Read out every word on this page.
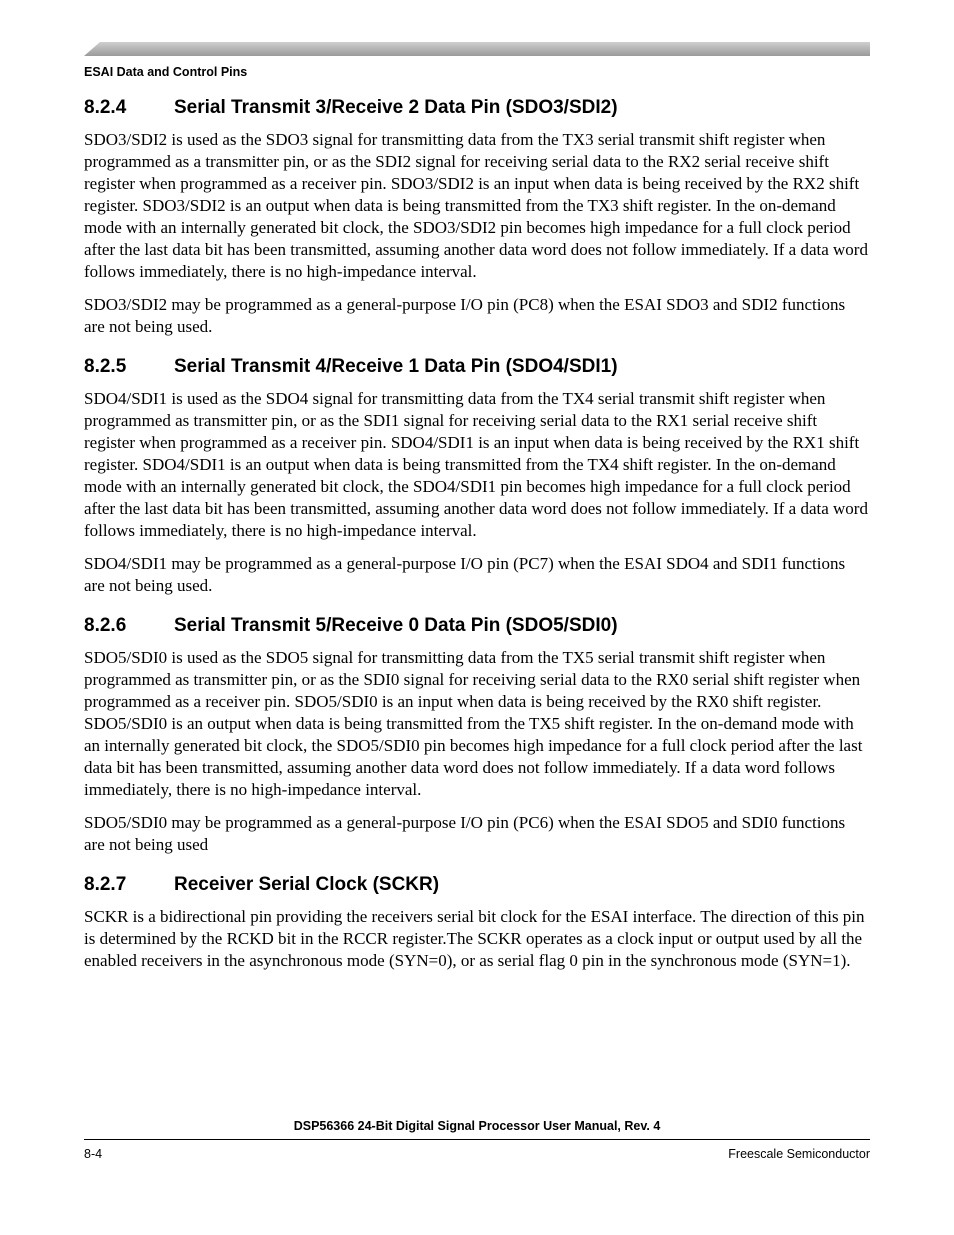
ESAI Data and Control Pins

8.2.4	Serial Transmit 3/Receive 2 Data Pin (SDO3/SDI2)

SDO3/SDI2 is used as the SDO3 signal for transmitting data from the TX3 serial transmit shift register when programmed as a transmitter pin, or as the SDI2 signal for receiving serial data to the RX2 serial receive shift register when programmed as a receiver pin. SDO3/SDI2 is an input when data is being received by the RX2 shift register. SDO3/SDI2 is an output when data is being transmitted from the TX3 shift register. In the on-demand mode with an internally generated bit clock, the SDO3/SDI2 pin becomes high impedance for a full clock period after the last data bit has been transmitted, assuming another data word does not follow immediately. If a data word follows immediately, there is no high-impedance interval.

SDO3/SDI2 may be programmed as a general-purpose I/O pin (PC8) when the ESAI SDO3 and SDI2 functions are not being used.

8.2.5	Serial Transmit 4/Receive 1 Data Pin (SDO4/SDI1)

SDO4/SDI1 is used as the SDO4 signal for transmitting data from the TX4 serial transmit shift register when programmed as transmitter pin, or as the SDI1 signal for receiving serial data to the RX1 serial receive shift register when programmed as a receiver pin. SDO4/SDI1 is an input when data is being received by the RX1 shift register. SDO4/SDI1 is an output when data is being transmitted from the TX4 shift register. In the on-demand mode with an internally generated bit clock, the SDO4/SDI1 pin becomes high impedance for a full clock period after the last data bit has been transmitted, assuming another data word does not follow immediately. If a data word follows immediately, there is no high-impedance interval.

SDO4/SDI1 may be programmed as a general-purpose I/O pin (PC7) when the ESAI SDO4 and SDI1 functions are not being used.

8.2.6	Serial Transmit 5/Receive 0 Data Pin (SDO5/SDI0)

SDO5/SDI0 is used as the SDO5 signal for transmitting data from the TX5 serial transmit shift register when programmed as transmitter pin, or as the SDI0 signal for receiving serial data to the RX0 serial shift register when programmed as a receiver pin. SDO5/SDI0 is an input when data is being received by the RX0 shift register. SDO5/SDI0 is an output when data is being transmitted from the TX5 shift register. In the on-demand mode with an internally generated bit clock, the SDO5/SDI0 pin becomes high impedance for a full clock period after the last data bit has been transmitted, assuming another data word does not follow immediately. If a data word follows immediately, there is no high-impedance interval.

SDO5/SDI0 may be programmed as a general-purpose I/O pin (PC6) when the ESAI SDO5 and SDI0 functions are not being used

8.2.7	Receiver Serial Clock (SCKR)

SCKR is a bidirectional pin providing the receivers serial bit clock for the ESAI interface. The direction of this pin is determined by the RCKD bit in the RCCR register.The SCKR operates as a clock input or output used by all the enabled receivers in the asynchronous mode (SYN=0), or as serial flag 0 pin in the synchronous mode (SYN=1).

DSP56366 24-Bit Digital Signal Processor User Manual, Rev. 4

8-4	Freescale Semiconductor
